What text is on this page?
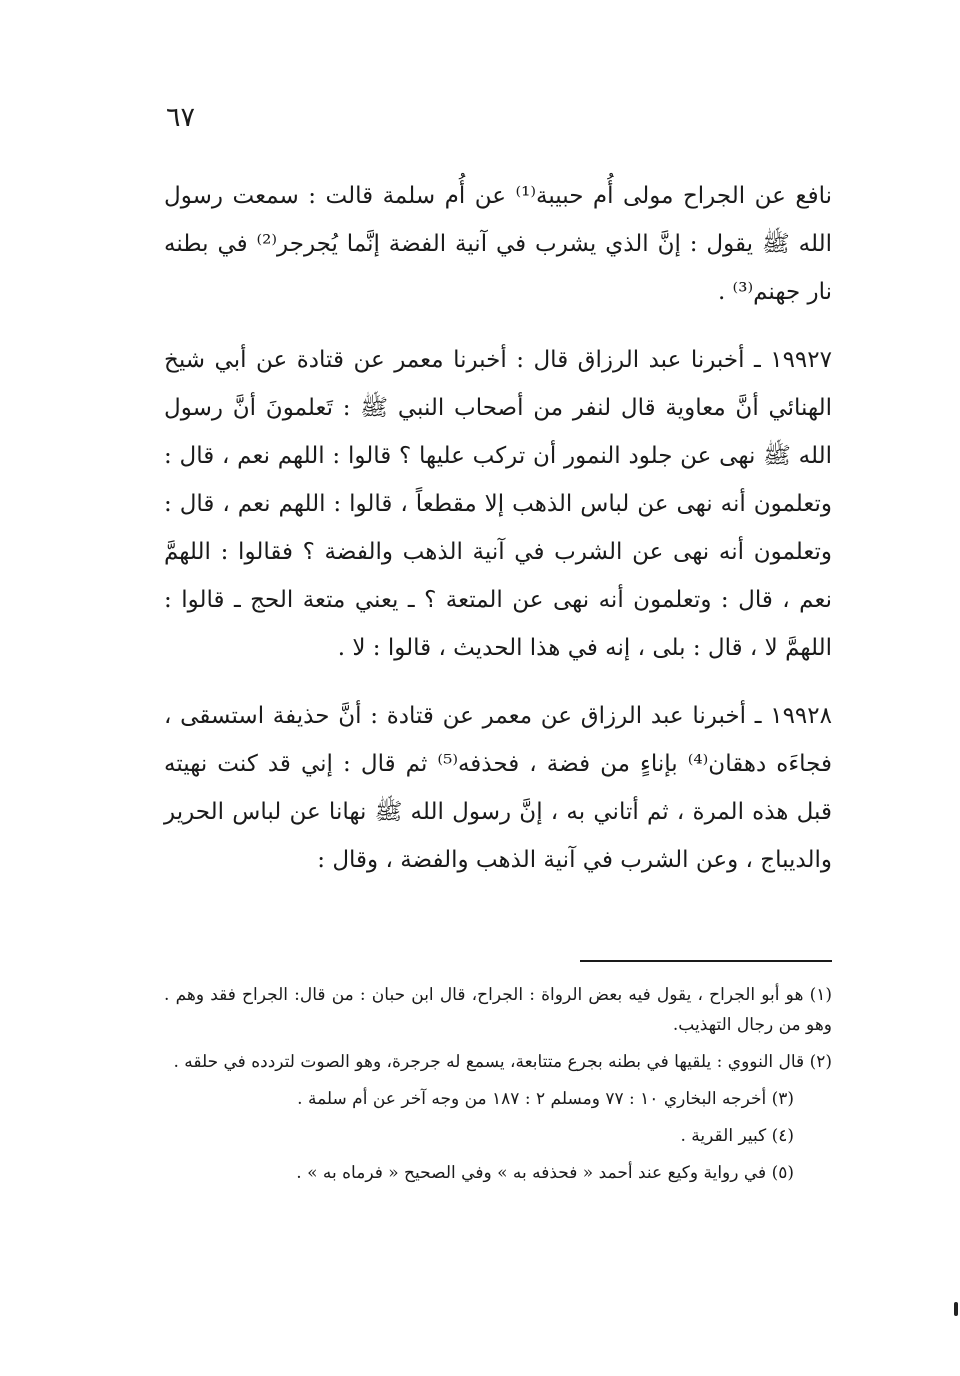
٦٧

نافع عن الجراح مولى أُم حبيبة⁽¹⁾ عن أُم سلمة قالت : سمعت رسول الله ﷺ يقول : إنَّ الذي يشرب في آنية الفضة إنَّما يُجرجر⁽²⁾ في بطنه نار جهنم⁽³⁾ .

١٩٩٢٧ ـ أخبرنا عبد الرزاق قال : أخبرنا معمر عن قتادة عن أبي شيخ الهنائي أنَّ معاوية قال لنفر من أصحاب النبي ﷺ : تَعلمونَ أنَّ رسول الله ﷺ نهى عن جلود النمور أن تركب عليها ؟ قالوا : اللهم نعم ، قال : وتعلمون أنه نهى عن لباس الذهب إلا مقطعاً ، قالوا : اللهم نعم ، قال : وتعلمون أنه نهى عن الشرب في آنية الذهب والفضة ؟ فقالوا : اللهمَّ نعم ، قال : وتعلمون أنه نهى عن المتعة ؟ ـ يعني متعة الحج ـ قالوا : اللهمَّ لا ، قال : بلى ، إنه في هذا الحديث ، قالوا : لا .

١٩٩٢٨ ـ أخبرنا عبد الرزاق عن معمر عن قتادة : أنَّ حذيفة استسقى ، فجاءَه دهقان⁽⁴⁾ بإناءٍ من فضة ، فحذفه⁽⁵⁾ ثم قال : إني قد كنت نهيته قبل هذه المرة ، ثم أتاني به ، إنَّ رسول الله ﷺ نهانا عن لباس الحرير والديباج ، وعن الشرب في آنية الذهب والفضة ، وقال :

(١) هو أبو الجراح ، يقول فيه بعض الرواة : الجراح، قال ابن حبان : من قال: الجراح فقد وهم . وهو من رجال التهذيب.

(٢) قال النووي : يلقيها في بطنه بجرع متتابعة، يسمع له جرجرة، وهو الصوت لتردده في حلقه .

(٣) أخرجه البخاري ١٠ : ٧٧ ومسلم ٢ : ١٨٧ من وجه آخر عن أم سلمة .

(٤) كبير القرية .

(٥) في رواية وكيع عند أحمد « فحذفه به » وفي الصحيح « فرماه به » .
